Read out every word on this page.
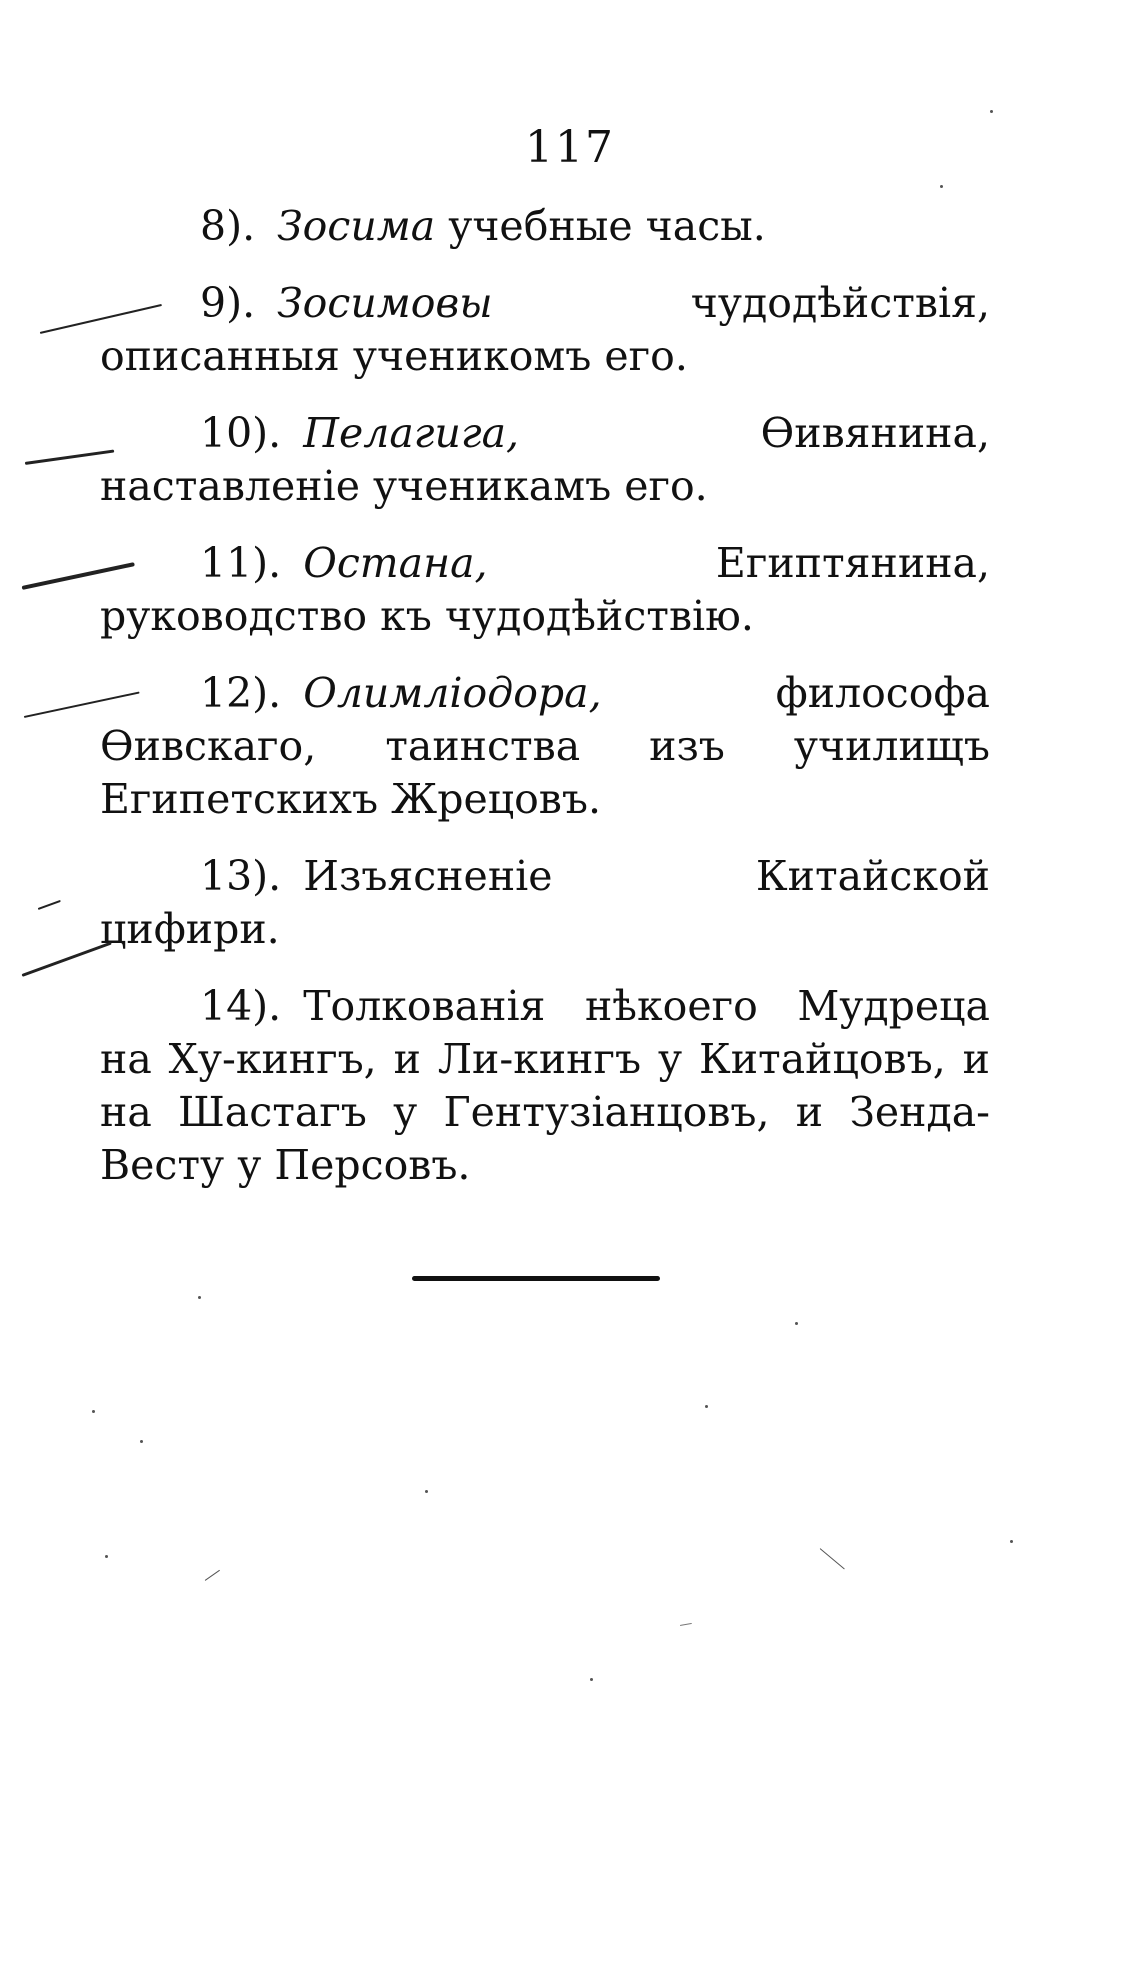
117

8). Зосима учебные часы.

9). Зосимовы чудодѣйствія, описанныя ученикомъ его.

10). Пелагига, Ѳивянина, наставленіе ученикамъ его.

11). Остана, Египтянина, руководство къ чудодѣйствію.

12). Олимліодора, философа Ѳивскаго, таинства изъ училищъ Египетскихъ Жрецовъ.

13). Изъясненіе Китайской цифири.

14). Толкованія нѣкоего Мудреца на Ху-кингъ, и Ли-кингъ у Китайцовъ, и на Шастагъ у Гентузіанцовъ, и Зенда-Весту у Персовъ.
